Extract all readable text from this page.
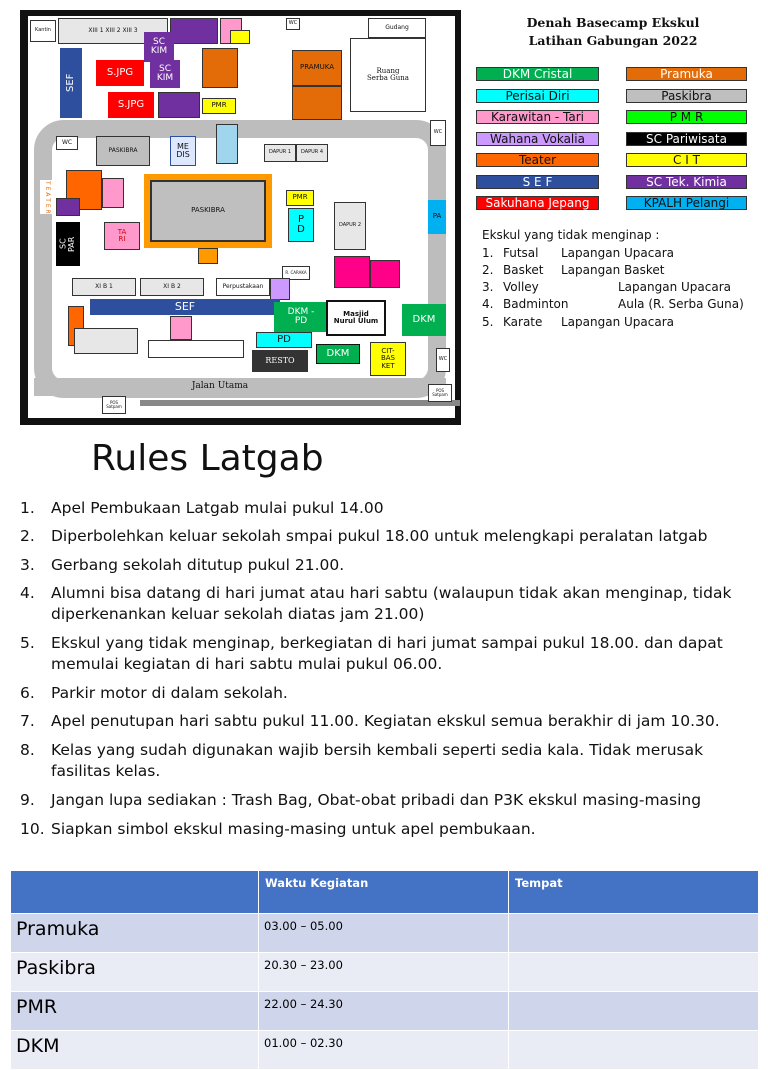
Kantin	XIII 1 XIII 2 XIII 3
WC
Gudang
Ruang
Serba Guna
PRAMUKA
SC
KIM
SC
KIM
SEF
S.JPG
S.JPG	PMR
WC
PASKIBRA	ME
DIS	DAPUR 1	DAPUR 4
WC
T E A T E R
SC
PAR
TA
RI
PASKIBRA
PMR
P
D	DAPUR 2
PA
R. CARAKA
XI B 1	XI B 2	Perpustakaan
SEF	DKM -
PD
Masjid
Nurul Ulum	DKM
PD
RESTO
DKM	CIT-
BAS
KET
WC
Jalan Utama
POS
Satpam
POS
Satpam
Denah Basecamp Ekskul
Latihan Gabungan 2022
DKM Cristal	Pramuka
Perisai Diri	Paskibra
Karawitan - Tari	P M R
Wahana Vokalia	SC Pariwisata
Teater	C I T
S E F	SC Tek. Kimia
Sakuhana Jepang	KPALH Pelangi
Ekskul yang tidak menginap :
1. Futsal Lapangan Upacara
2. Basket Lapangan Basket
3. Volley	Lapangan Upacara
4. Badminton	Aula (R. Serba Guna)
5. Karate Lapangan Upacara
Rules Latgab
1.	Apel Pembukaan Latgab mulai pukul 14.00
2.	Diperbolehkan keluar sekolah smpai pukul 18.00 untuk melengkapi peralatan latgab
3.	Gerbang sekolah ditutup pukul 21.00.
4.	Alumni bisa datang di hari jumat atau hari sabtu (walaupun tidak akan menginap, tidak diperkenankan keluar sekolah diatas jam 21.00)
5.	Ekskul yang tidak menginap, berkegiatan di hari jumat sampai pukul 18.00. dan dapat memulai kegiatan di hari sabtu mulai pukul 06.00.
6.	Parkir motor di dalam sekolah.
7.	Apel penutupan hari sabtu pukul 11.00. Kegiatan ekskul semua berakhir di jam 10.30.
8.	Kelas yang sudah digunakan wajib bersih kembali seperti sedia kala. Tidak merusak fasilitas kelas.
9.	Jangan lupa sediakan : Trash Bag, Obat-obat pribadi dan P3K ekskul masing-masing
10. Siapkan simbol ekskul masing-masing untuk apel pembukaan.
	Waktu Kegiatan	Tempat
Pramuka	03.00 – 05.00	
Paskibra	20.30 – 23.00	
PMR	22.00 – 24.30	
DKM	01.00 – 02.30	
